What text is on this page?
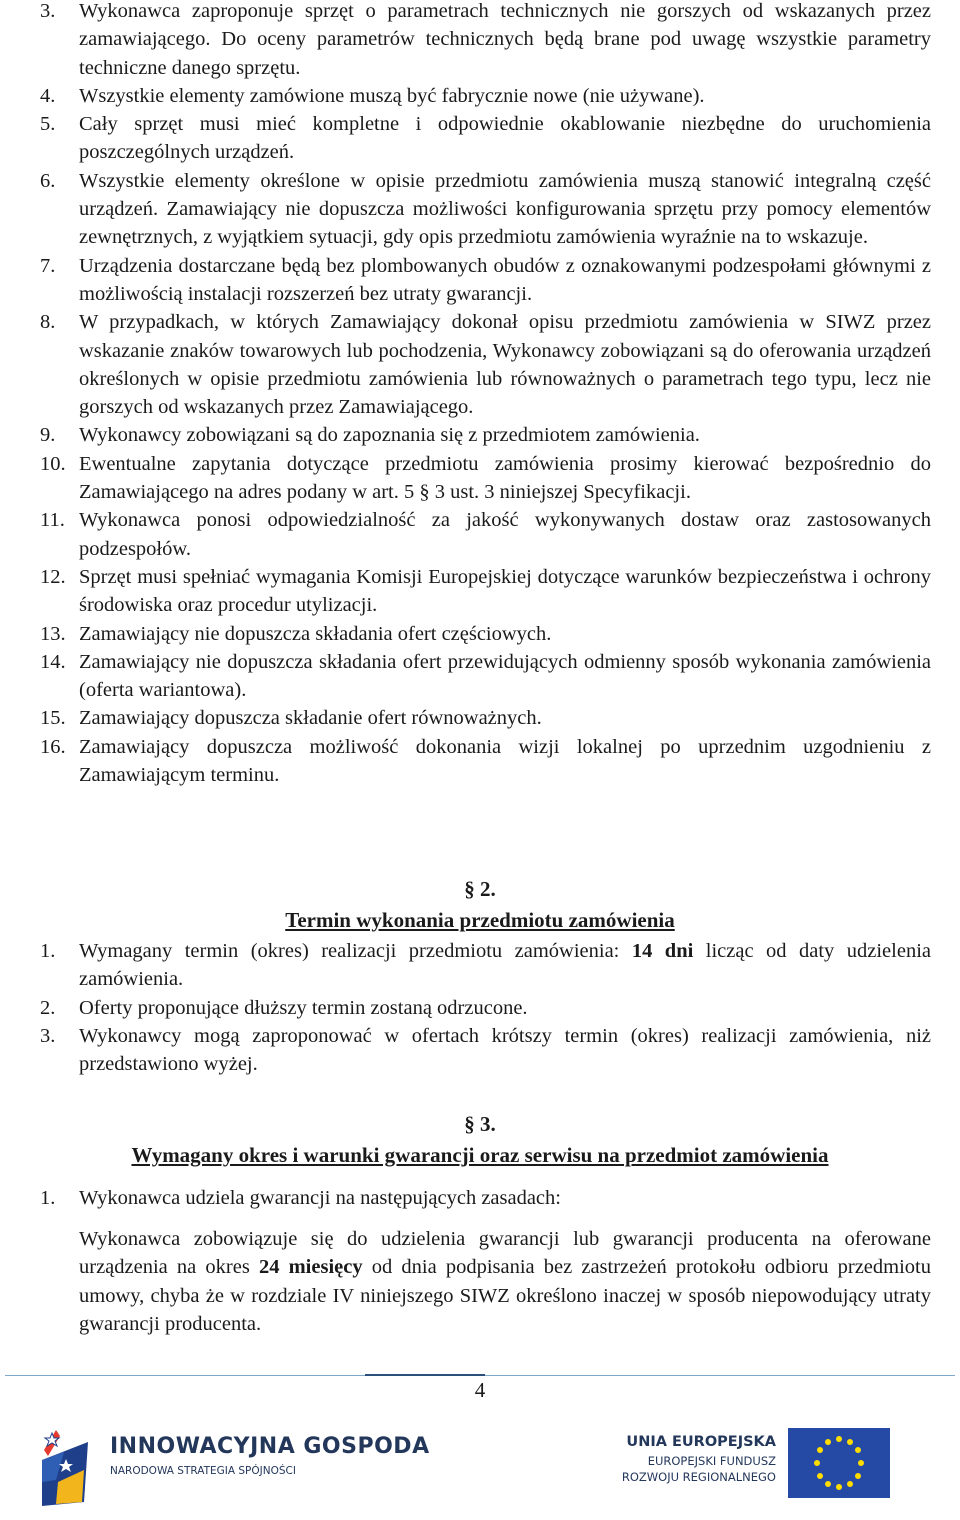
3. Wykonawca zaproponuje sprzęt o parametrach technicznych nie gorszych od wskazanych przez zamawiającego. Do oceny parametrów technicznych będą brane pod uwagę wszystkie parametry techniczne danego sprzętu.
4. Wszystkie elementy zamówione muszą być fabrycznie nowe (nie używane).
5. Cały sprzęt musi mieć kompletne i odpowiednie okablowanie niezbędne do uruchomienia poszczególnych urządzeń.
6. Wszystkie elementy określone w opisie przedmiotu zamówienia muszą stanowić integralną część urządzeń. Zamawiający nie dopuszcza możliwości konfigurowania sprzętu przy pomocy elementów zewnętrznych, z wyjątkiem sytuacji, gdy opis przedmiotu zamówienia wyraźnie na to wskazuje.
7. Urządzenia dostarczane będą bez plombowanych obudów z oznakowanymi podzespołami głównymi z możliwością instalacji rozszerzeń bez utraty gwarancji.
8. W przypadkach, w których Zamawiający dokonał opisu przedmiotu zamówienia w SIWZ przez wskazanie znaków towarowych lub pochodzenia, Wykonawcy zobowiązani są do oferowania urządzeń określonych w opisie przedmiotu zamówienia lub równoważnych o parametrach tego typu, lecz nie gorszych od wskazanych przez Zamawiającego.
9. Wykonawcy zobowiązani są do zapoznania się z przedmiotem zamówienia.
10. Ewentualne zapytania dotyczące przedmiotu zamówienia prosimy kierować bezpośrednio do Zamawiającego na adres podany w art. 5 § 3 ust. 3 niniejszej Specyfikacji.
11. Wykonawca ponosi odpowiedzialność za jakość wykonywanych dostaw oraz zastosowanych podzespołów.
12. Sprzęt musi spełniać wymagania Komisji Europejskiej dotyczące warunków bezpieczeństwa i ochrony środowiska oraz procedur utylizacji.
13. Zamawiający nie dopuszcza składania ofert częściowych.
14. Zamawiający nie dopuszcza składania ofert przewidujących odmienny sposób wykonania zamówienia (oferta wariantowa).
15. Zamawiający dopuszcza składanie ofert równoważnych.
16. Zamawiający dopuszcza możliwość dokonania wizji lokalnej po uprzednim uzgodnieniu z Zamawiającym terminu.
§ 2.
Termin wykonania przedmiotu zamówienia
1. Wymagany termin (okres) realizacji przedmiotu zamówienia: 14 dni licząc od daty udzielenia zamówienia.
2. Oferty proponujące dłuższy termin zostaną odrzucone.
3. Wykonawcy mogą zaproponować w ofertach krótszy termin (okres) realizacji zamówienia, niż przedstawiono wyżej.
§ 3.
Wymagany okres i warunki gwarancji oraz serwisu na przedmiot zamówienia
1. Wykonawca udziela gwarancji na następujących zasadach:

Wykonawca zobowiązuje się do udzielenia gwarancji lub gwarancji producenta na oferowane urządzenia na okres 24 miesięcy od dnia podpisania bez zastrzeżeń protokołu odbioru przedmiotu umowy, chyba że w rozdziale IV niniejszego SIWZ określono inaczej w sposób niepowodujący utraty gwarancji producenta.

4
INNOWACYJNA GOSPODA
NARODOWA STRATEGIA SPÓJNOŚCI
UNIA EUROPEJSKA
EUROPEJSKI FUNDUSZ
ROZWOJU REGIONALNEGO
